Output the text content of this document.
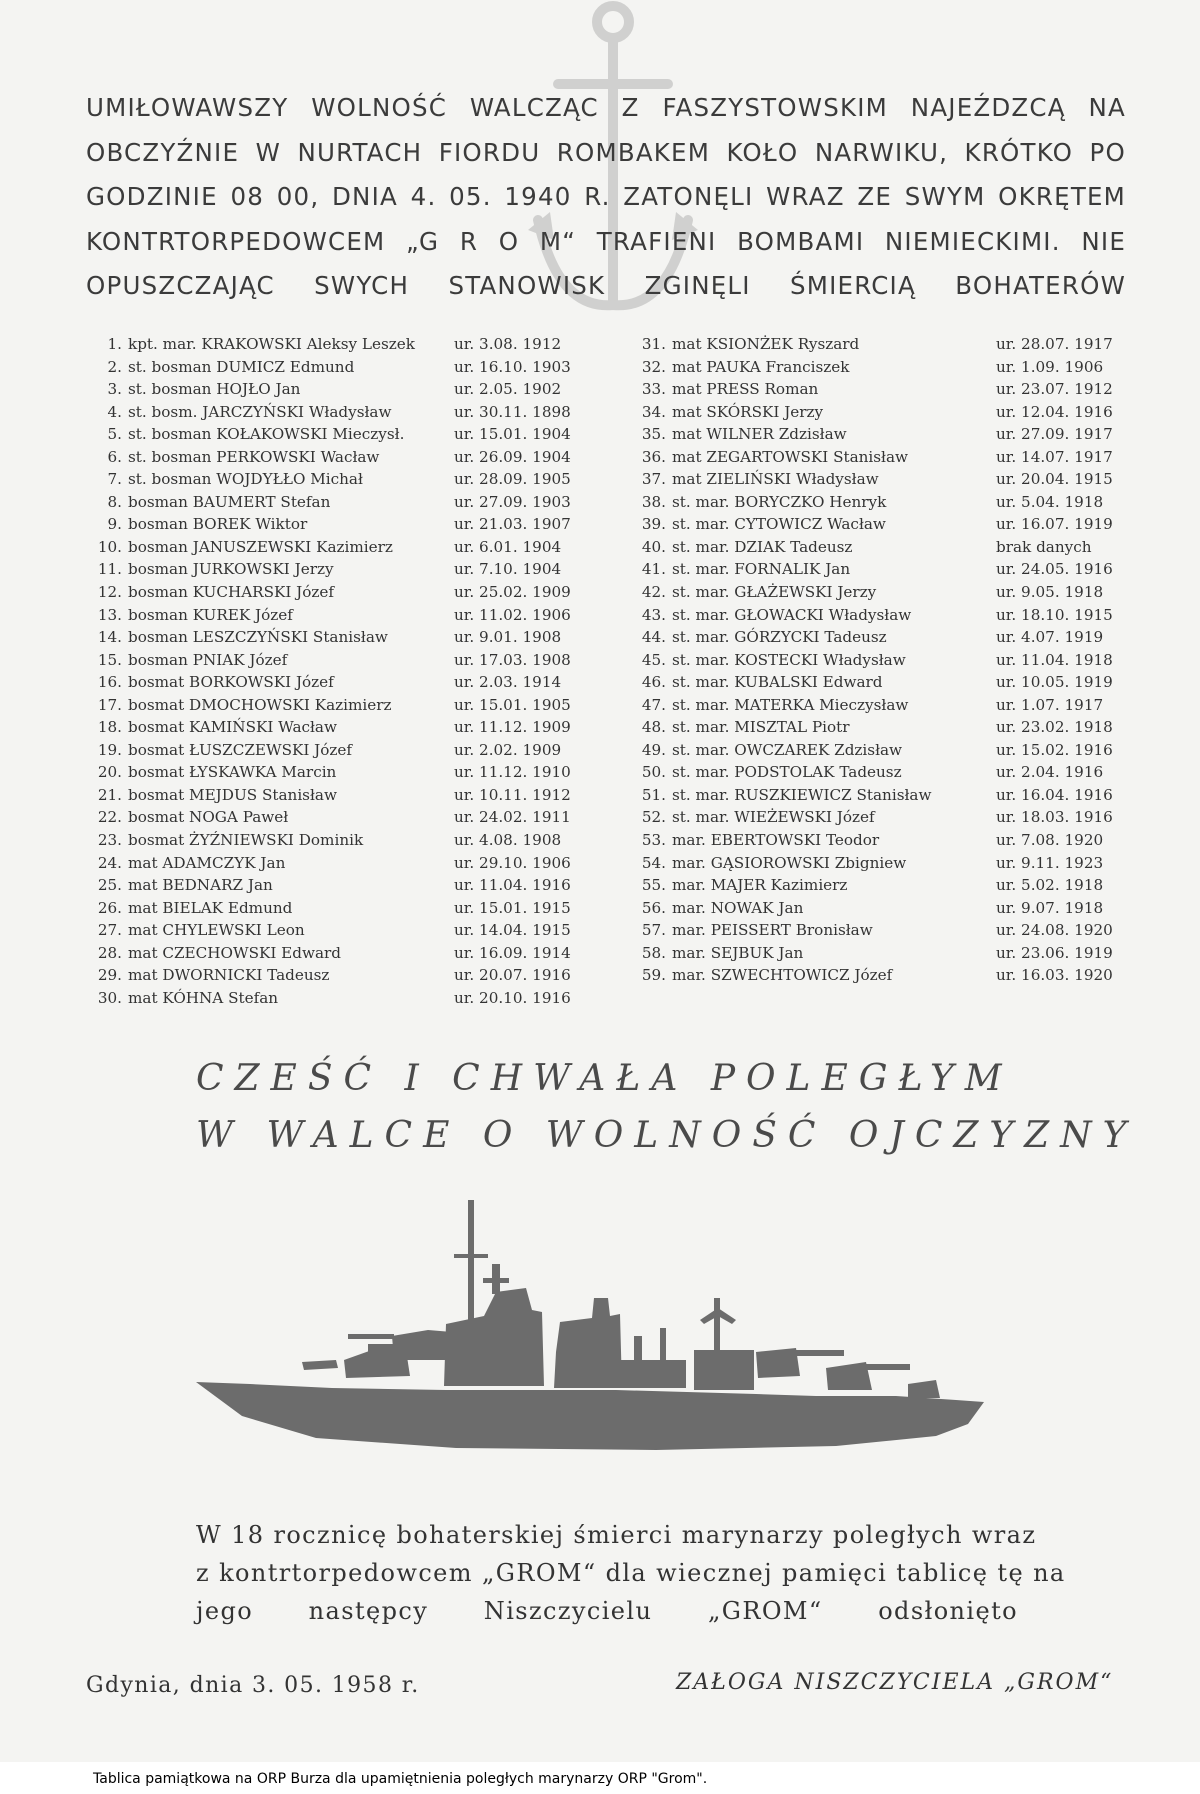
UMIŁOWAWSZY WOLNOŚĆ WALCZĄC Z FASZYSTOWSKIM NAJEŹDZCĄ NA
OBCZYŹNIE W NURTACH FIORDU ROMBAKEM KOŁO NARWIKU, KRÓTKO PO
GODZINIE 08 00, DNIA 4. 05. 1940 R. ZATONĘLI WRAZ ZE SWYM OKRĘTEM
KONTRTORPEDOWCEM „G R O M“ TRAFIENI BOMBAMI NIEMIECKIMI. NIE
OPUSZCZAJĄC SWYCH STANOWISK ZGINĘLI ŚMIERCIĄ BOHATERÓW

1. kpt. mar. KRAKOWSKI Aleksy Leszek	ur. 3.08. 1912
2. st. bosman DUMICZ Edmund	ur. 16.10. 1903
3. st. bosman HOJŁO Jan	ur. 2.05. 1902
4. st. bosm. JARCZYŃSKI Władysław	ur. 30.11. 1898
5. st. bosman KOŁAKOWSKI Mieczysł.	ur. 15.01. 1904
6. st. bosman PERKOWSKI Wacław	ur. 26.09. 1904
7. st. bosman WOJDYŁŁO Michał	ur. 28.09. 1905
8. bosman BAUMERT Stefan	ur. 27.09. 1903
9. bosman BOREK Wiktor	ur. 21.03. 1907
10. bosman JANUSZEWSKI Kazimierz	ur. 6.01. 1904
11. bosman JURKOWSKI Jerzy	ur. 7.10. 1904
12. bosman KUCHARSKI Józef	ur. 25.02. 1909
13. bosman KUREK Józef	ur. 11.02. 1906
14. bosman LESZCZYŃSKI Stanisław	ur. 9.01. 1908
15. bosman PNIAK Józef	ur. 17.03. 1908
16. bosmat BORKOWSKI Józef	ur. 2.03. 1914
17. bosmat DMOCHOWSKI Kazimierz	ur. 15.01. 1905
18. bosmat KAMIŃSKI Wacław	ur. 11.12. 1909
19. bosmat ŁUSZCZEWSKI Józef	ur. 2.02. 1909
20. bosmat ŁYSKAWKA Marcin	ur. 11.12. 1910
21. bosmat MEJDUS Stanisław	ur. 10.11. 1912
22. bosmat NOGA Paweł	ur. 24.02. 1911
23. bosmat ŻYŹNIEWSKI Dominik	ur. 4.08. 1908
24. mat ADAMCZYK Jan	ur. 29.10. 1906
25. mat BEDNARZ Jan	ur. 11.04. 1916
26. mat BIELAK Edmund	ur. 15.01. 1915
27. mat CHYLEWSKI Leon	ur. 14.04. 1915
28. mat CZECHOWSKI Edward	ur. 16.09. 1914
29. mat DWORNICKI Tadeusz	ur. 20.07. 1916
30. mat KÓHNA Stefan	ur. 20.10. 1916
31. mat KSIONŻEK Ryszard	ur. 28.07. 1917
32. mat PAUKA Franciszek	ur. 1.09. 1906
33. mat PRESS Roman	ur. 23.07. 1912
34. mat SKÓRSKI Jerzy	ur. 12.04. 1916
35. mat WILNER Zdzisław	ur. 27.09. 1917
36. mat ZEGARTOWSKI Stanisław	ur. 14.07. 1917
37. mat ZIELIŃSKI Władysław	ur. 20.04. 1915
38. st. mar. BORYCZKO Henryk	ur. 5.04. 1918
39. st. mar. CYTOWICZ Wacław	ur. 16.07. 1919
40. st. mar. DZIAK Tadeusz	brak danych
41. st. mar. FORNALIK Jan	ur. 24.05. 1916
42. st. mar. GŁAŻEWSKI Jerzy	ur. 9.05. 1918
43. st. mar. GŁOWACKI Władysław	ur. 18.10. 1915
44. st. mar. GÓRZYCKI Tadeusz	ur. 4.07. 1919
45. st. mar. KOSTECKI Władysław	ur. 11.04. 1918
46. st. mar. KUBALSKI Edward	ur. 10.05. 1919
47. st. mar. MATERKA Mieczysław	ur. 1.07. 1917
48. st. mar. MISZTAL Piotr	ur. 23.02. 1918
49. st. mar. OWCZAREK Zdzisław	ur. 15.02. 1916
50. st. mar. PODSTOLAK Tadeusz	ur. 2.04. 1916
51. st. mar. RUSZKIEWICZ Stanisław	ur. 16.04. 1916
52. st. mar. WIEŻEWSKI Józef	ur. 18.03. 1916
53. mar. EBERTOWSKI Teodor	ur. 7.08. 1920
54. mar. GĄSIOROWSKI Zbigniew	ur. 9.11. 1923
55. mar. MAJER Kazimierz	ur. 5.02. 1918
56. mar. NOWAK Jan	ur. 9.07. 1918
57. mar. PEISSERT Bronisław	ur. 24.08. 1920
58. mar. SEJBUK Jan	ur. 23.06. 1919
59. mar. SZWECHTOWICZ Józef	ur. 16.03. 1920
CZEŚĆ I CHWAŁA POLEGŁYM
W WALCE O WOLNOŚĆ OJCZYZNY

W 18 rocznicę bohaterskiej śmierci marynarzy poległych wraz
z kontrtorpedowcem „GROM“ dla wiecznej pamięci tablicę tę na
jego następcy Niszczycielu „GROM“ odsłonięto

Gdynia, dnia 3. 05. 1958 r.	ZAŁOGA NISZCZYCIELA „GROM“
Tablica pamiątkowa na ORP Burza dla upamiętnienia poległych marynarzy ORP "Grom".
